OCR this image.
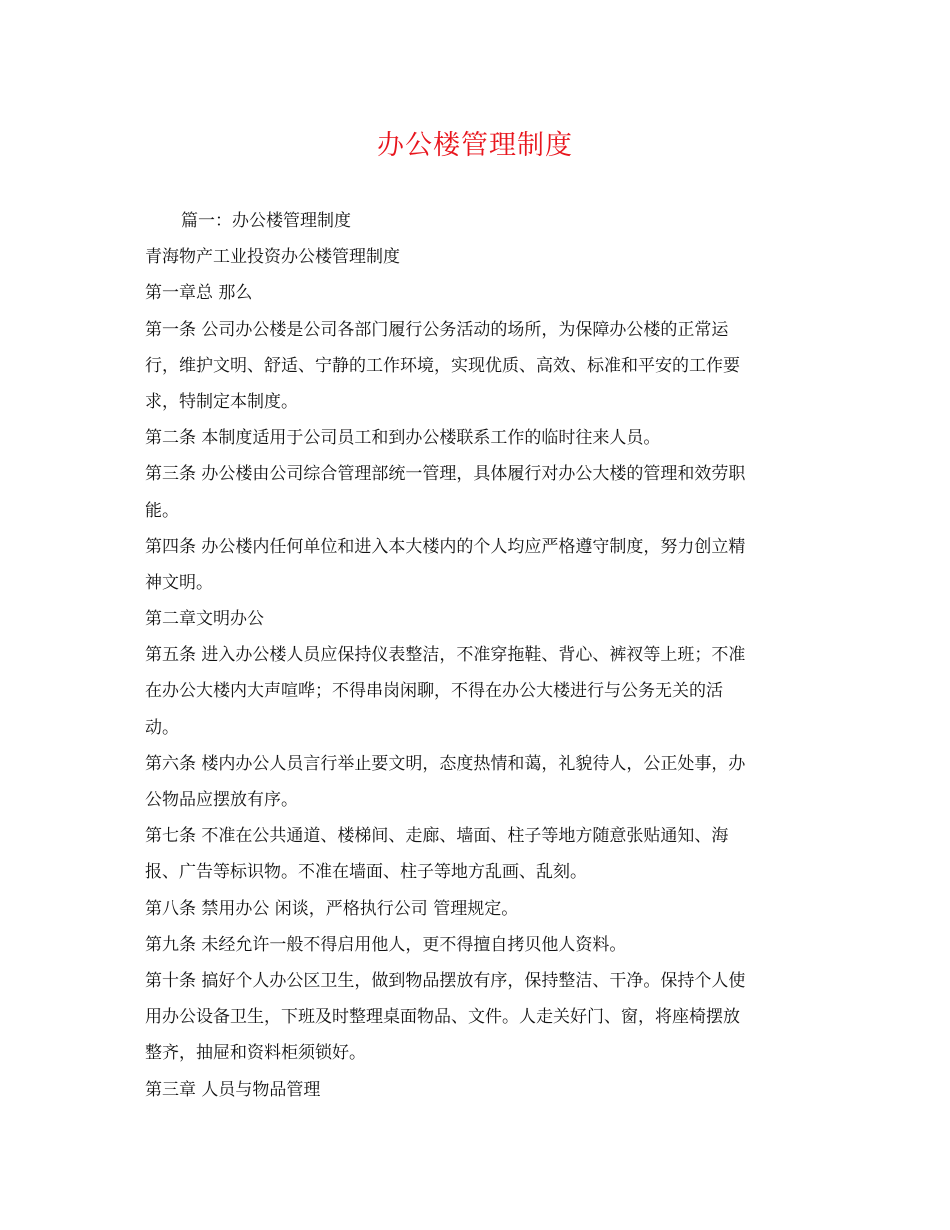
办公楼管理制度

篇一：办公楼管理制度

青海物产工业投资办公楼管理制度

第一章总 那么

第一条 公司办公楼是公司各部门履行公务活动的场所，为保障办公楼的正常运

行，维护文明、舒适、宁静的工作环境，实现优质、高效、标准和平安的工作要

求，特制定本制度。

第二条 本制度适用于公司员工和到办公楼联系工作的临时往来人员。

第三条 办公楼由公司综合管理部统一管理，具体履行对办公大楼的管理和效劳职

能。

第四条 办公楼内任何单位和进入本大楼内的个人均应严格遵守制度，努力创立精

神文明。

第二章文明办公

第五条 进入办公楼人员应保持仪表整洁，不准穿拖鞋、背心、裤衩等上班；不准

在办公大楼内大声喧哗；不得串岗闲聊，不得在办公大楼进行与公务无关的活

动。

第六条 楼内办公人员言行举止要文明，态度热情和蔼，礼貌待人，公正处事，办

公物品应摆放有序。

第七条 不准在公共通道、楼梯间、走廊、墙面、柱子等地方随意张贴通知、海

报、广告等标识物。不准在墙面、柱子等地方乱画、乱刻。

第八条 禁用办公 闲谈，严格执行公司 管理规定。

第九条 未经允许一般不得启用他人，更不得擅自拷贝他人资料。

第十条 搞好个人办公区卫生，做到物品摆放有序，保持整洁、干净。保持个人使

用办公设备卫生，下班及时整理桌面物品、文件。人走关好门、窗，将座椅摆放

整齐，抽屉和资料柜须锁好。

第三章 人员与物品管理
